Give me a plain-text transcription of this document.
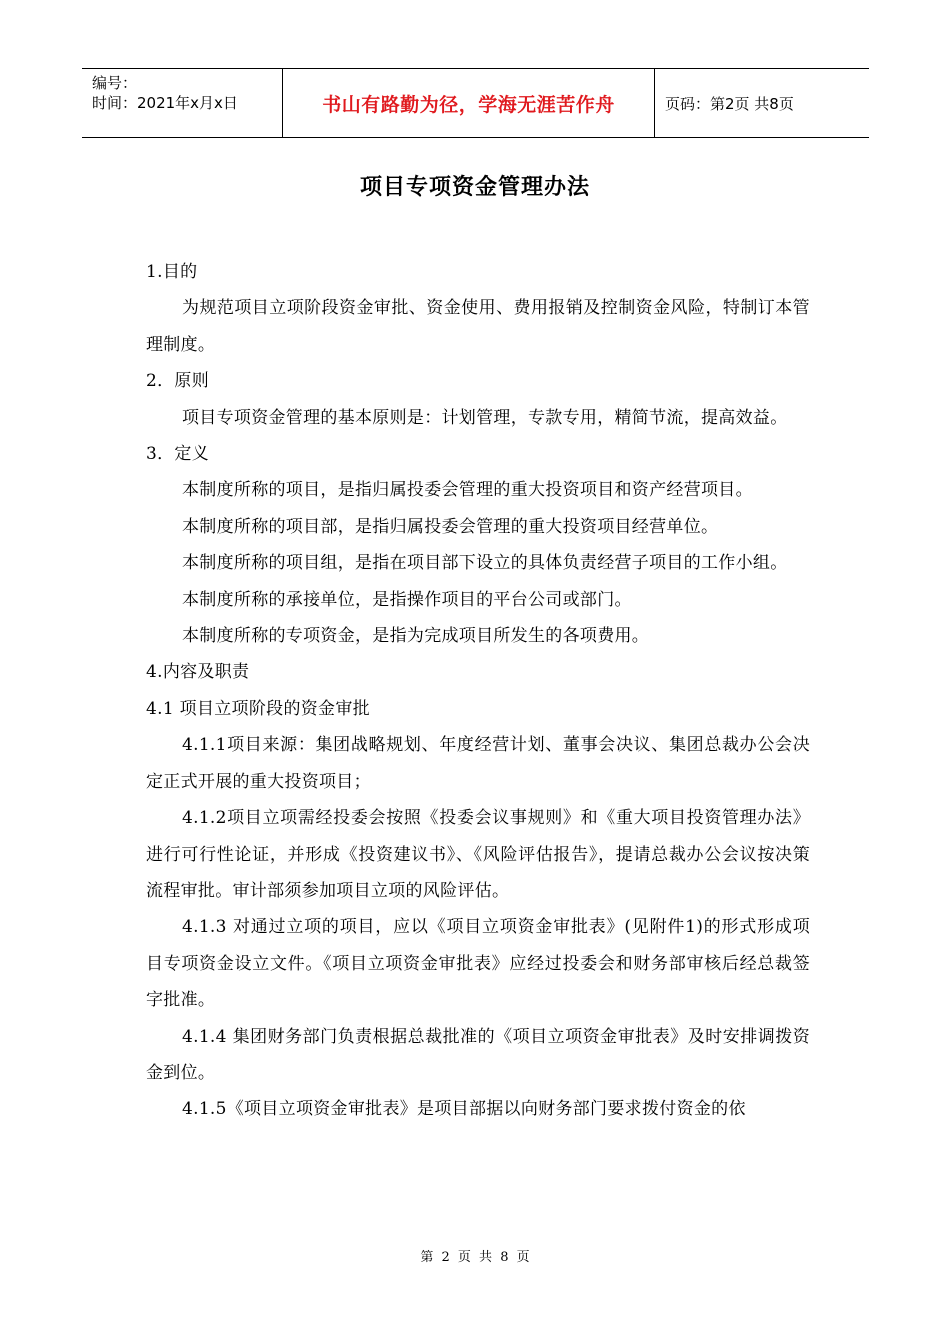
编号：
时间：2021年x月x日	书山有路勤为径，学海无涯苦作舟	页码：第2页 共8页
项目专项资金管理办法

1.目的

为规范项目立项阶段资金审批、资金使用、费用报销及控制资金风险，特制订本管理制度。

2．原则

项目专项资金管理的基本原则是：计划管理，专款专用，精简节流，提高效益。

3．定义

本制度所称的项目，是指归属投委会管理的重大投资项目和资产经营项目。

本制度所称的项目部，是指归属投委会管理的重大投资项目经营单位。

本制度所称的项目组，是指在项目部下设立的具体负责经营子项目的工作小组。

本制度所称的承接单位，是指操作项目的平台公司或部门。

本制度所称的专项资金，是指为完成项目所发生的各项费用。

4.内容及职责

4.1 项目立项阶段的资金审批

4.1.1项目来源：集团战略规划、年度经营计划、董事会决议、集团总裁办公会决定正式开展的重大投资项目；

4.1.2项目立项需经投委会按照《投委会议事规则》和《重大项目投资管理办法》进行可行性论证，并形成《投资建议书》、《风险评估报告》，提请总裁办公会议按决策流程审批。审计部须参加项目立项的风险评估。

4.1.3 对通过立项的项目，应以《项目立项资金审批表》(见附件1)的形式形成项目专项资金设立文件。《项目立项资金审批表》应经过投委会和财务部审核后经总裁签字批准。

4.1.4 集团财务部门负责根据总裁批准的《项目立项资金审批表》及时安排调拨资金到位。

4.1.5《项目立项资金审批表》是项目部据以向财务部门要求拨付资金的依

第 2 页 共 8 页
